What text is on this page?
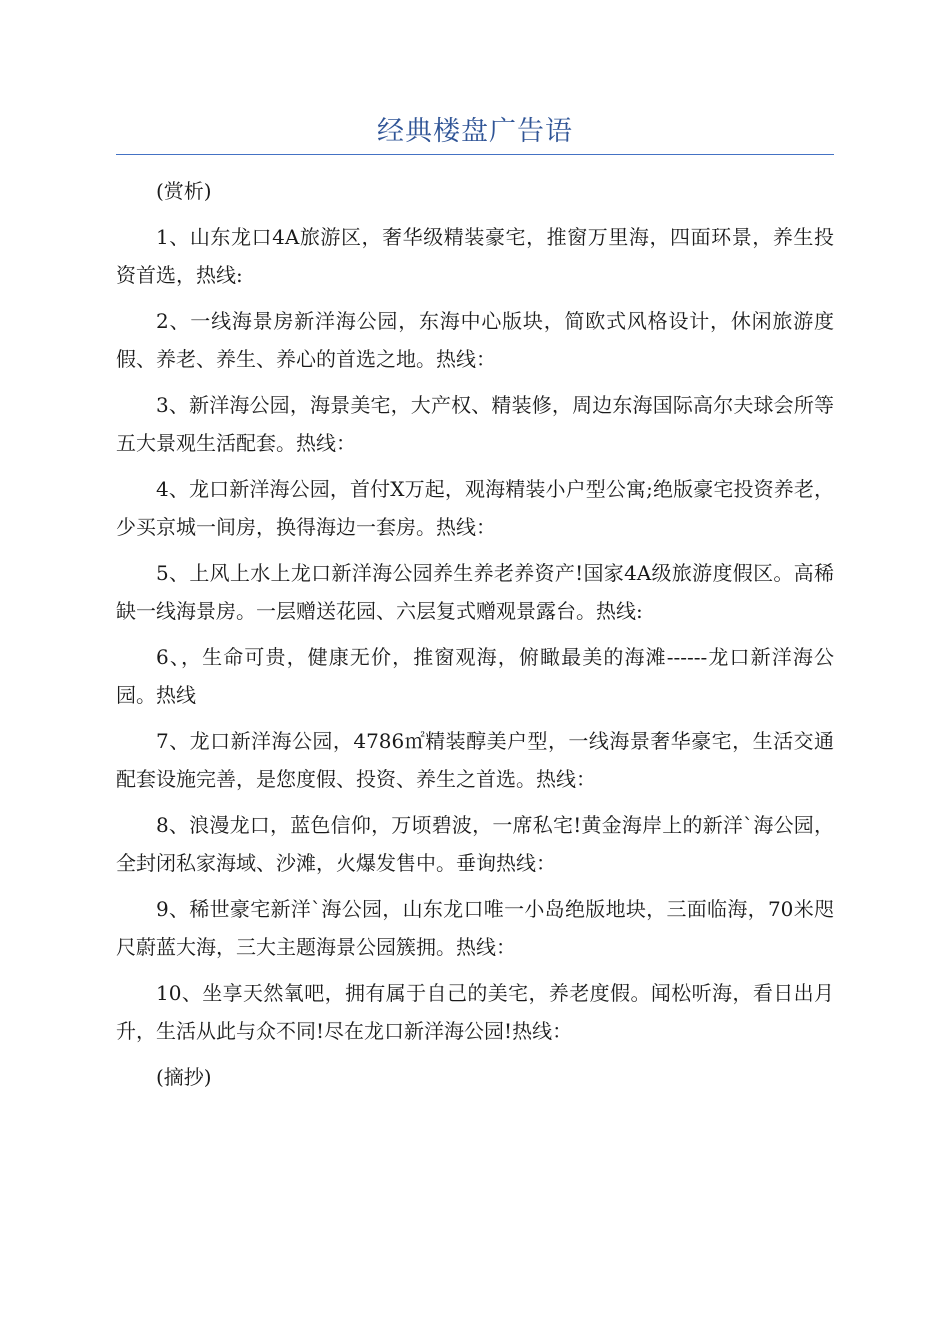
经典楼盘广告语

(赏析)

1、山东龙口4A旅游区，奢华级精装豪宅，推窗万里海，四面环景，养生投资首选，热线:

2、一线海景房新洋海公园，东海中心版块，简欧式风格设计，休闲旅游度假、养老、养生、养心的首选之地。热线：

3、新洋海公园，海景美宅，大产权、精装修，周边东海国际高尔夫球会所等五大景观生活配套。热线：

4、龙口新洋海公园，首付X万起，观海精装小户型公寓;绝版豪宅投资养老，少买京城一间房，换得海边一套房。热线：

5、上风上水上龙口新洋海公园养生养老养资产!国家4A级旅游度假区。高稀缺一线海景房。一层赠送花园、六层复式赠观景露台。热线:

6、，生命可贵，健康无价，推窗观海，俯瞰最美的海滩------龙口新洋海公园。热线

7、龙口新洋海公园，4786㎡精装醇美户型，一线海景奢华豪宅，生活交通配套设施完善，是您度假、投资、养生之首选。热线：

8、浪漫龙口，蓝色信仰，万顷碧波，一席私宅!黄金海岸上的新洋`海公园，全封闭私家海域、沙滩，火爆发售中。垂询热线：

9、稀世豪宅新洋`海公园，山东龙口唯一小岛绝版地块，三面临海，70米咫尺蔚蓝大海，三大主题海景公园簇拥。热线：

10、坐享天然氧吧，拥有属于自己的美宅，养老度假。闻松听海，看日出月升，生活从此与众不同!尽在龙口新洋海公园!热线：

(摘抄)
